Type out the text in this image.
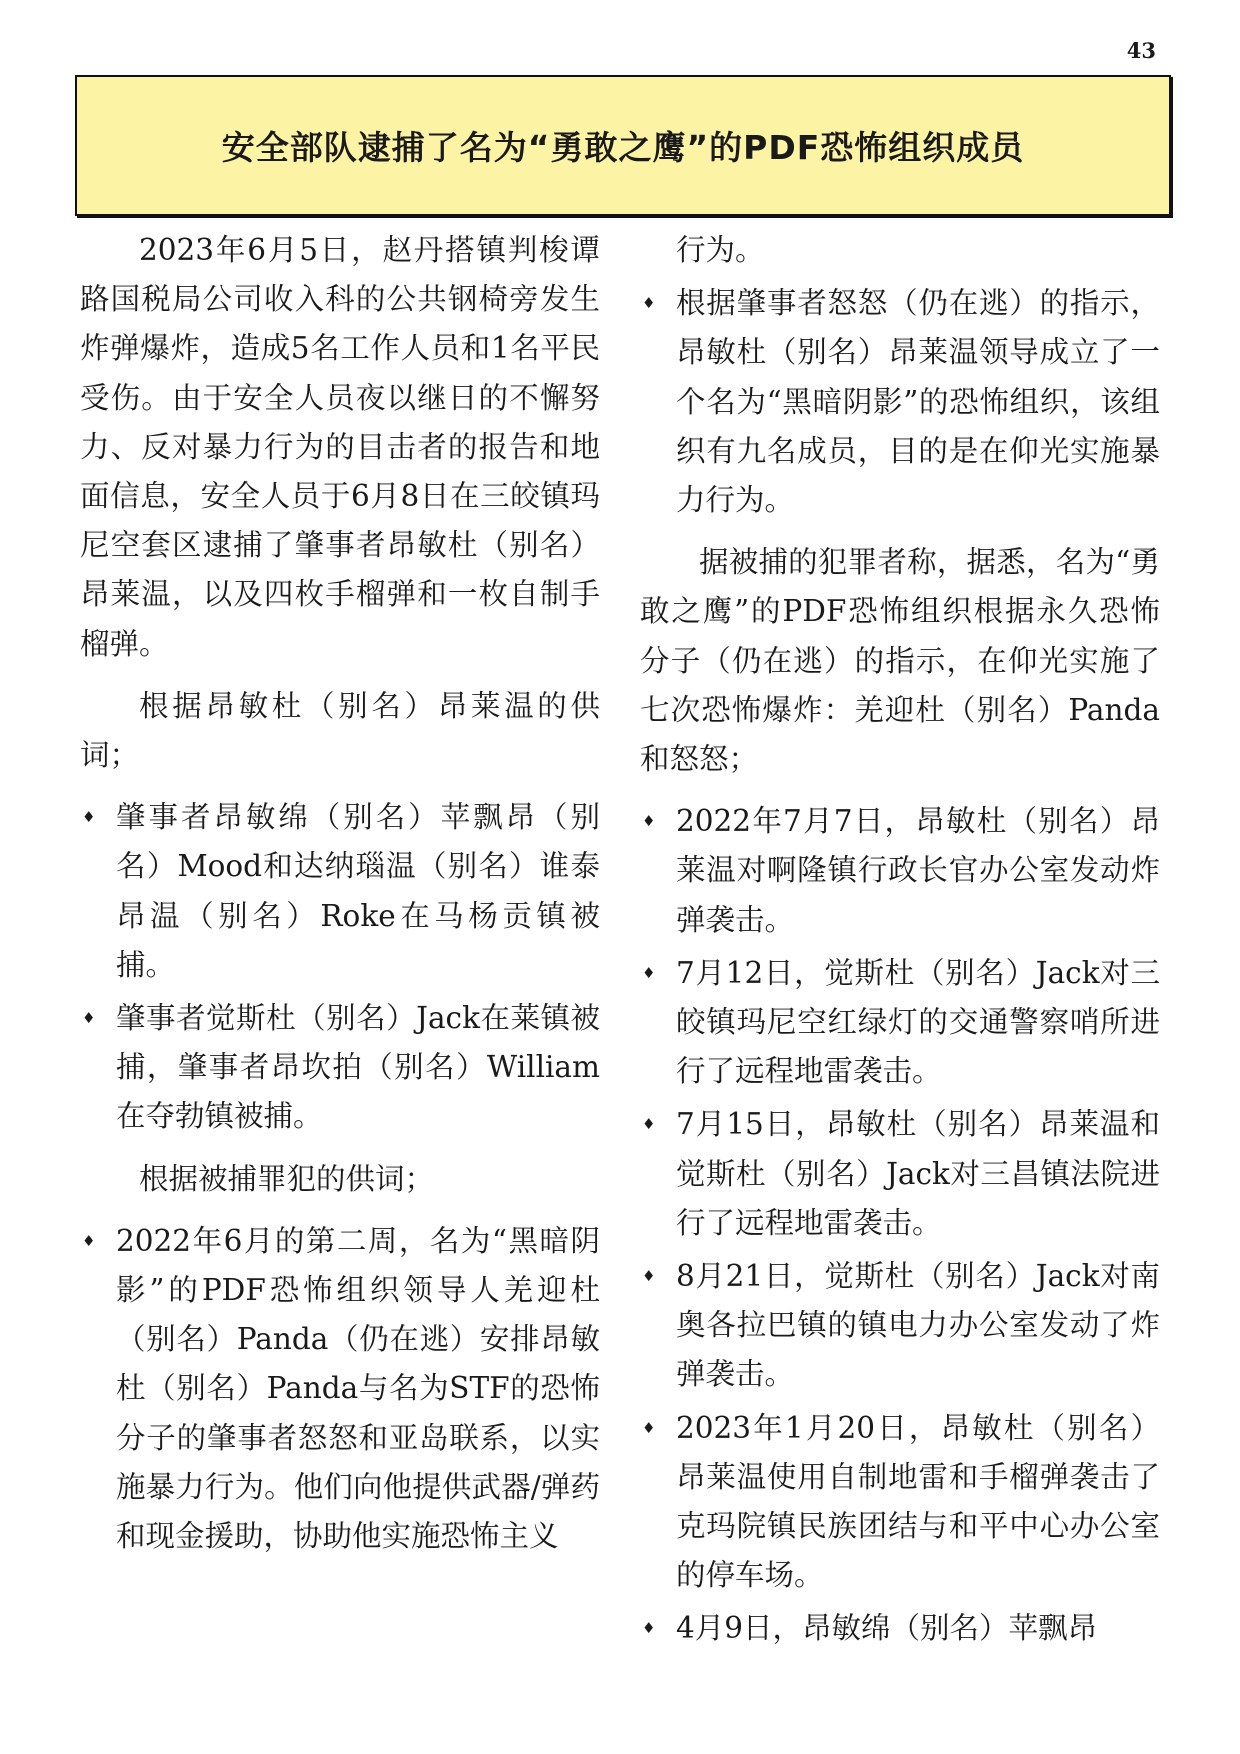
43
安全部队逮捕了名为“勇敢之鹰”的PDF恐怖组织成员

2023年6月5日，赵丹搭镇判梭谭路国税局公司收入科的公共钢椅旁发生炸弹爆炸，造成5名工作人员和1名平民受伤。由于安全人员夜以继日的不懈努力、反对暴力行为的目击者的报告和地面信息，安全人员于6月8日在三皎镇玛尼空套区逮捕了肇事者昂敏杜（别名）昂莱温，以及四枚手榴弹和一枚自制手榴弹。

根据昂敏杜（别名）昂莱温的供词；

♦ 肇事者昂敏绵（别名）苹飘昂（别名）Mood和达纳瑙温（别名）谁泰昂温（别名）Roke在马杨贡镇被捕。
♦ 肇事者觉斯杜（别名）Jack在莱镇被捕，肇事者昂坎拍（别名）William在夺勃镇被捕。

根据被捕罪犯的供词；

♦ 2022年6月的第二周，名为“黑暗阴影”的PDF恐怖组织领导人羌迎杜（别名）Panda（仍在逃）安排昂敏杜（别名）Panda与名为STF的恐怖分子的肇事者怒怒和亚岛联系，以实施暴力行为。他们向他提供武器/弹药和现金援助，协助他实施恐怖主义
行为。
♦ 根据肇事者怒怒（仍在逃）的指示，昂敏杜（别名）昂莱温领导成立了一个名为“黑暗阴影”的恐怖组织，该组织有九名成员，目的是在仰光实施暴力行为。

据被捕的犯罪者称，据悉，名为“勇敢之鹰”的PDF恐怖组织根据永久恐怖分子（仍在逃）的指示，在仰光实施了七次恐怖爆炸：羌迎杜（别名）Panda和怒怒；

♦ 2022年7月7日，昂敏杜（别名）昂莱温对啊隆镇行政长官办公室发动炸弹袭击。
♦ 7月12日，觉斯杜（别名）Jack对三皎镇玛尼空红绿灯的交通警察哨所进行了远程地雷袭击。
♦ 7月15日，昂敏杜（别名）昂莱温和觉斯杜（别名）Jack对三昌镇法院进行了远程地雷袭击。
♦ 8月21日，觉斯杜（别名）Jack对南奥各拉巴镇的镇电力办公室发动了炸弹袭击。
♦ 2023年1月20日，昂敏杜（别名）昂莱温使用自制地雷和手榴弹袭击了克玛院镇民族团结与和平中心办公室的停车场。
♦ 4月9日，昂敏绵（别名）苹飘昂
